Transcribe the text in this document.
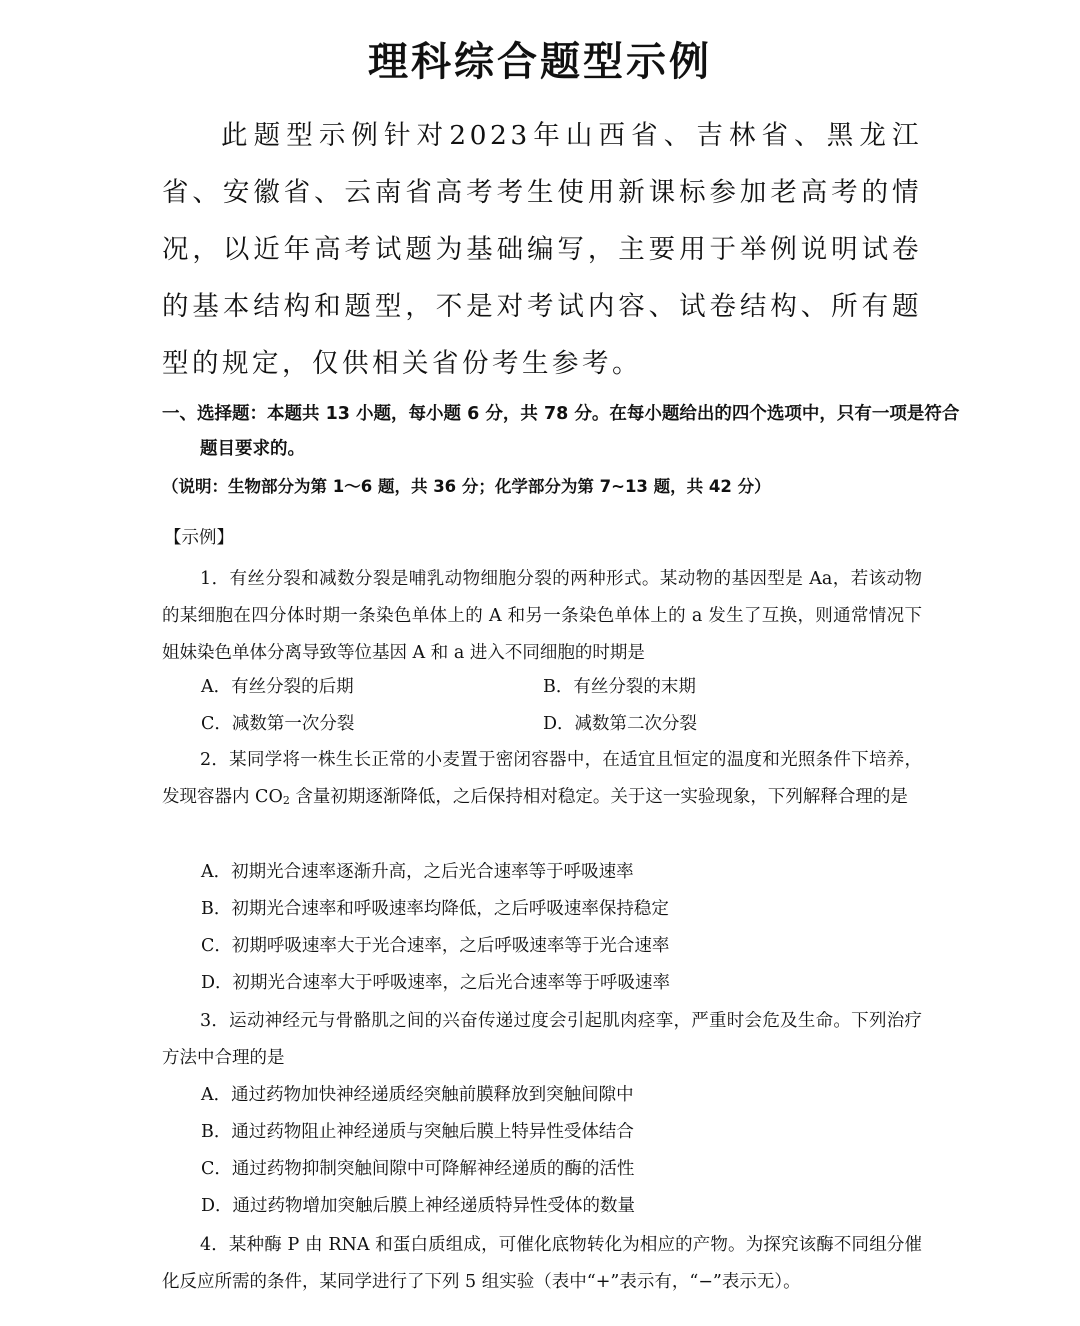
理科综合题型示例

此题型示例针对2023年山西省、吉林省、黑龙江省、安徽省、云南省高考考生使用新课标参加老高考的情况，以近年高考试题为基础编写，主要用于举例说明试卷的基本结构和题型，不是对考试内容、试卷结构、所有题型的规定，仅供相关省份考生参考。

一、选择题：本题共 13 小题，每小题 6 分，共 78 分。在每小题给出的四个选项中，只有一项是符合题目要求的。

（说明：生物部分为第 1～6 题，共 36 分；化学部分为第 7~13 题，共 42 分）

【示例】

1．有丝分裂和减数分裂是哺乳动物细胞分裂的两种形式。某动物的基因型是 Aa，若该动物的某细胞在四分体时期一条染色单体上的 A 和另一条染色单体上的 a 发生了互换，则通常情况下姐妹染色单体分离导致等位基因 A 和 a 进入不同细胞的时期是

A．有丝分裂的后期	B．有丝分裂的末期

C．减数第一次分裂	D．减数第二次分裂

2．某同学将一株生长正常的小麦置于密闭容器中，在适宜且恒定的温度和光照条件下培养，发现容器内 $CO_2$ 含量初期逐渐降低，之后保持相对稳定。关于这一实验现象，下列解释合理的是

A．初期光合速率逐渐升高，之后光合速率等于呼吸速率

B．初期光合速率和呼吸速率均降低，之后呼吸速率保持稳定

C．初期呼吸速率大于光合速率，之后呼吸速率等于光合速率

D．初期光合速率大于呼吸速率，之后光合速率等于呼吸速率

3．运动神经元与骨骼肌之间的兴奋传递过度会引起肌肉痉挛，严重时会危及生命。下列治疗方法中合理的是

A．通过药物加快神经递质经突触前膜释放到突触间隙中

B．通过药物阻止神经递质与突触后膜上特异性受体结合

C．通过药物抑制突触间隙中可降解神经递质的酶的活性

D．通过药物增加突触后膜上神经递质特异性受体的数量

4．某种酶 P 由 RNA 和蛋白质组成，可催化底物转化为相应的产物。为探究该酶不同组分催化反应所需的条件，某同学进行了下列 5 组实验（表中“+”表示有，“−”表示无）。
